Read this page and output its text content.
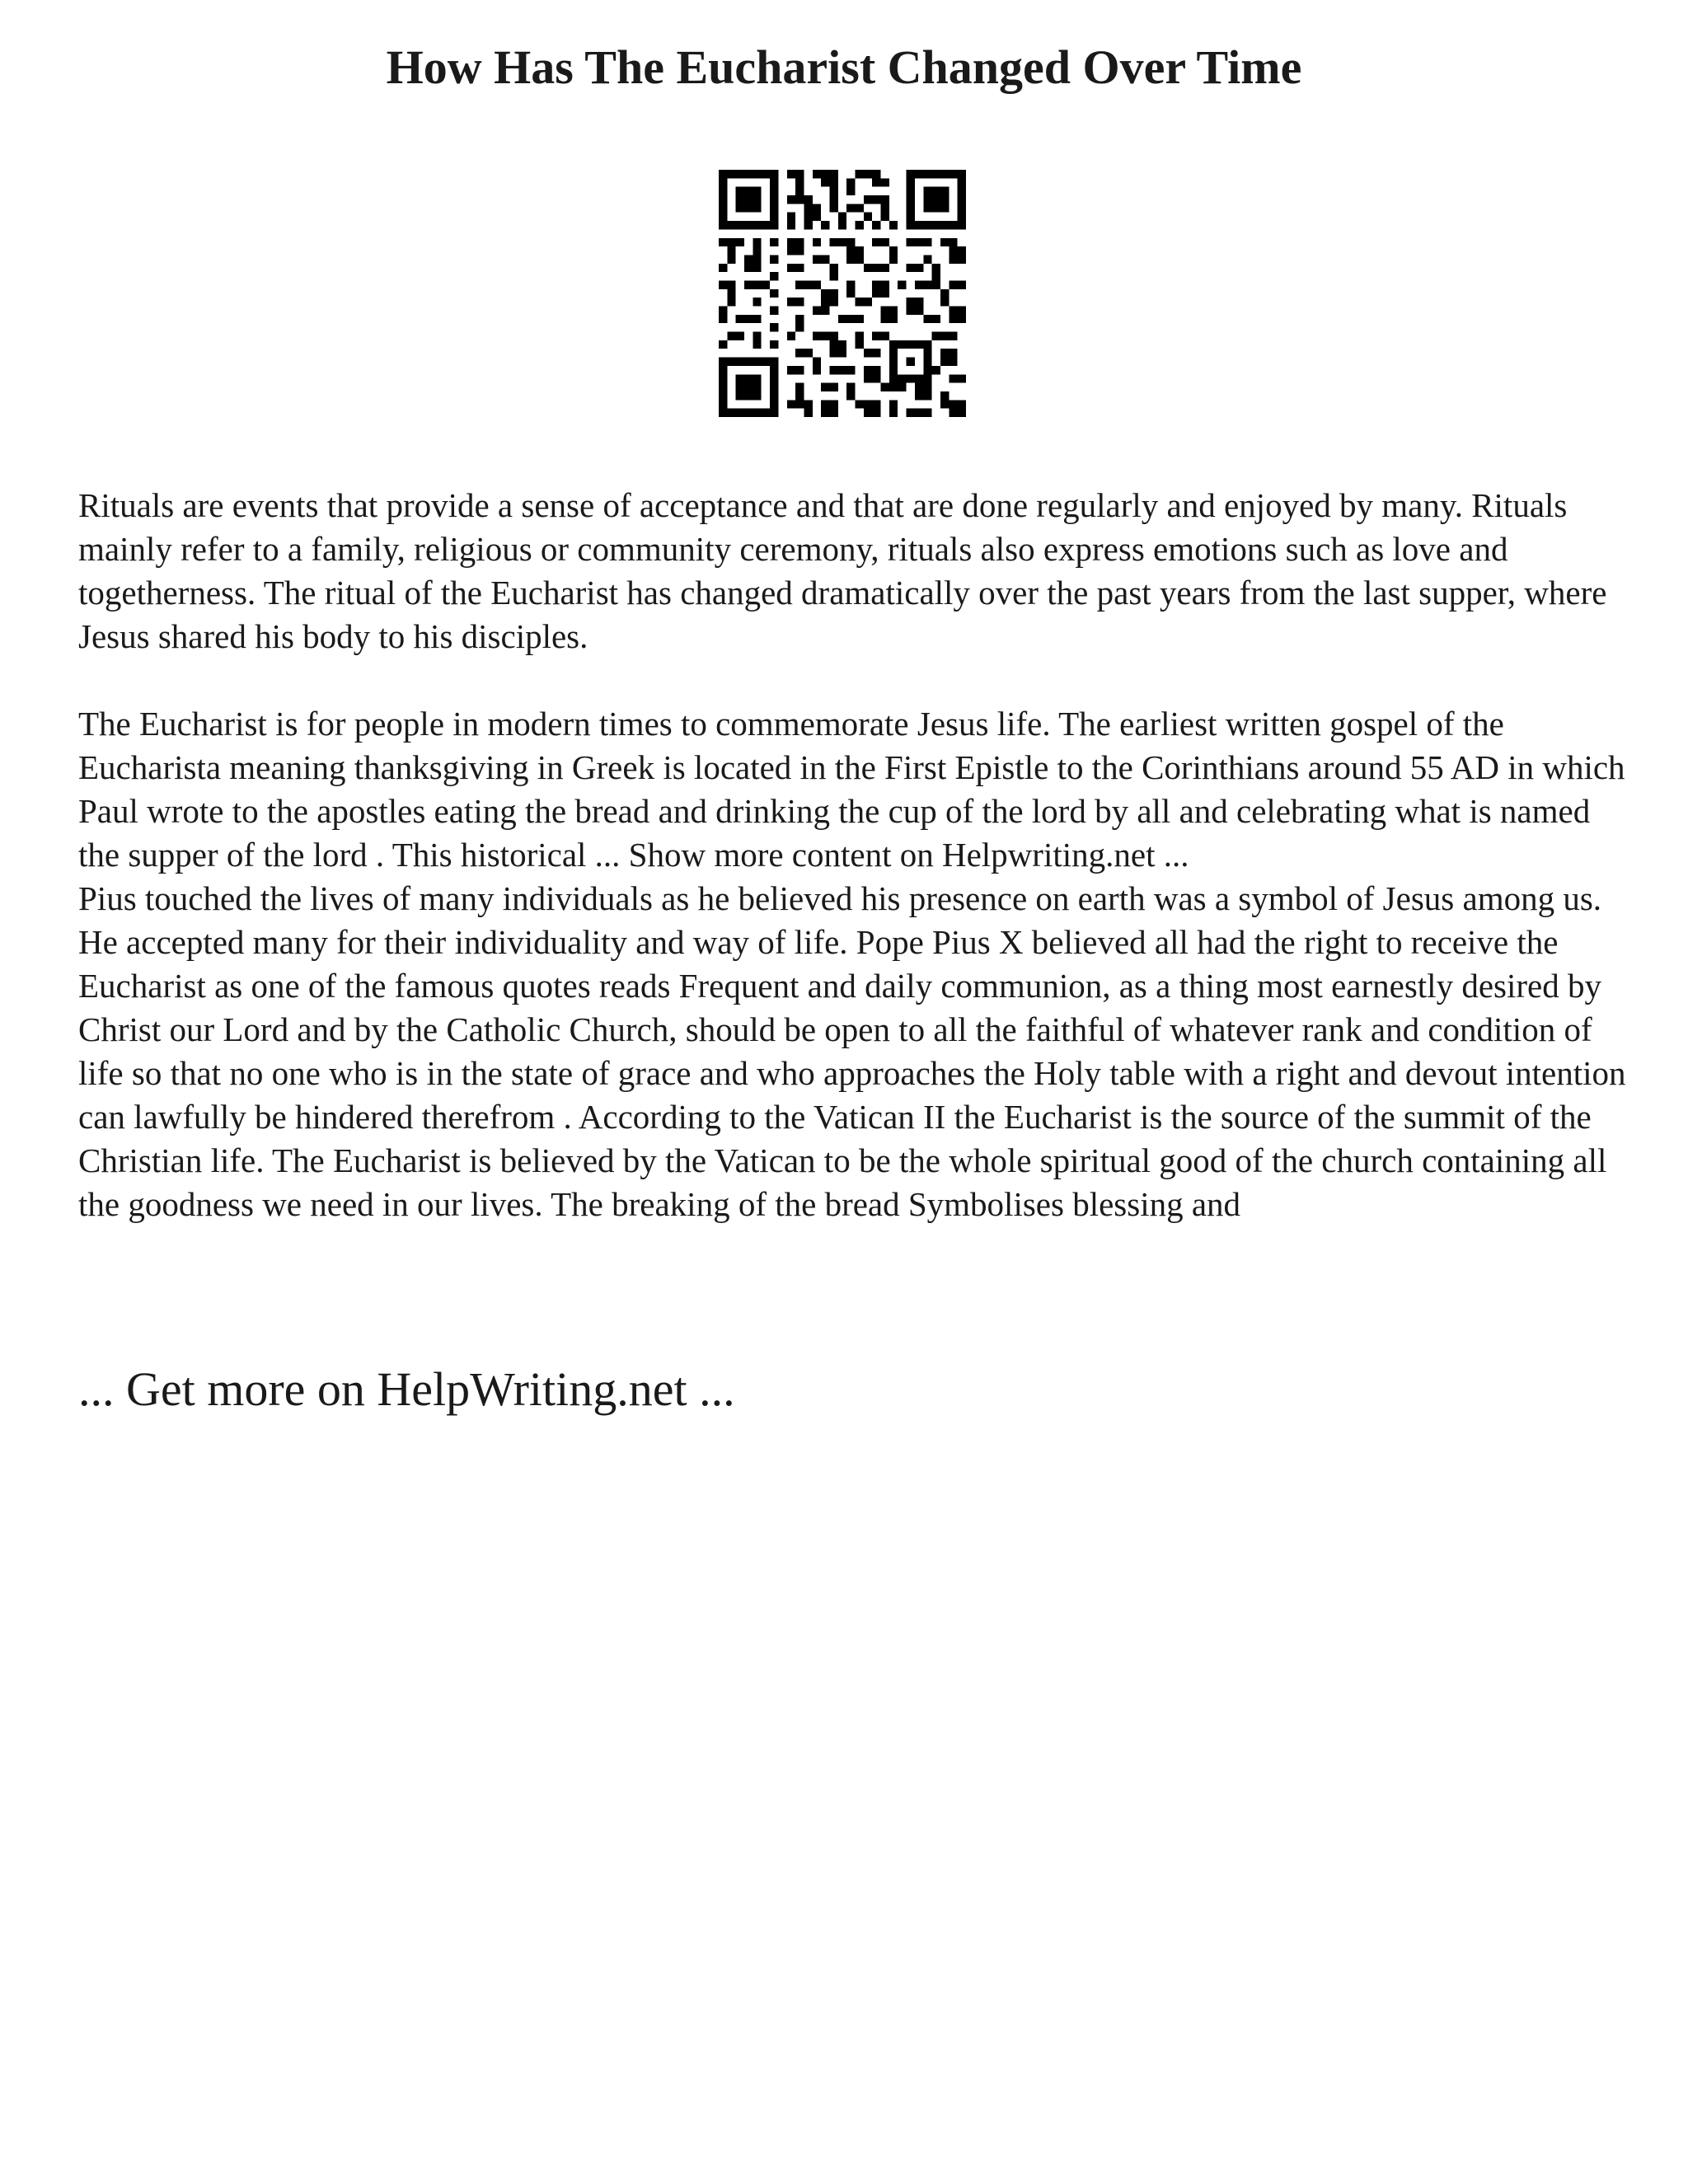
How Has The Eucharist Changed Over Time

Rituals are events that provide a sense of acceptance and that are done regularly and enjoyed by many. Rituals mainly refer to a family, religious or community ceremony, rituals also express emotions such as love and togetherness. The ritual of the Eucharist has changed dramatically over the past years from the last supper, where Jesus shared his body to his disciples.

The Eucharist is for people in modern times to commemorate Jesus life. The earliest written gospel of the Eucharista meaning thanksgiving in Greek is located in the First Epistle to the Corinthians around 55 AD in which Paul wrote to the apostles eating the bread and drinking the cup of the lord by all and celebrating what is named the supper of the lord . This historical ... Show more content on Helpwriting.net ...
Pius touched the lives of many individuals as he believed his presence on earth was a symbol of Jesus among us. He accepted many for their individuality and way of life. Pope Pius X believed all had the right to receive the Eucharist as one of the famous quotes reads Frequent and daily communion, as a thing most earnestly desired by Christ our Lord and by the Catholic Church, should be open to all the faithful of whatever rank and condition of life so that no one who is in the state of grace and who approaches the Holy table with a right and devout intention can lawfully be hindered therefrom . According to the Vatican II the Eucharist is the source of the summit of the Christian life. The Eucharist is believed by the Vatican to be the whole spiritual good of the church containing all the goodness we need in our lives. The breaking of the bread Symbolises blessing and

... Get more on HelpWriting.net ...
